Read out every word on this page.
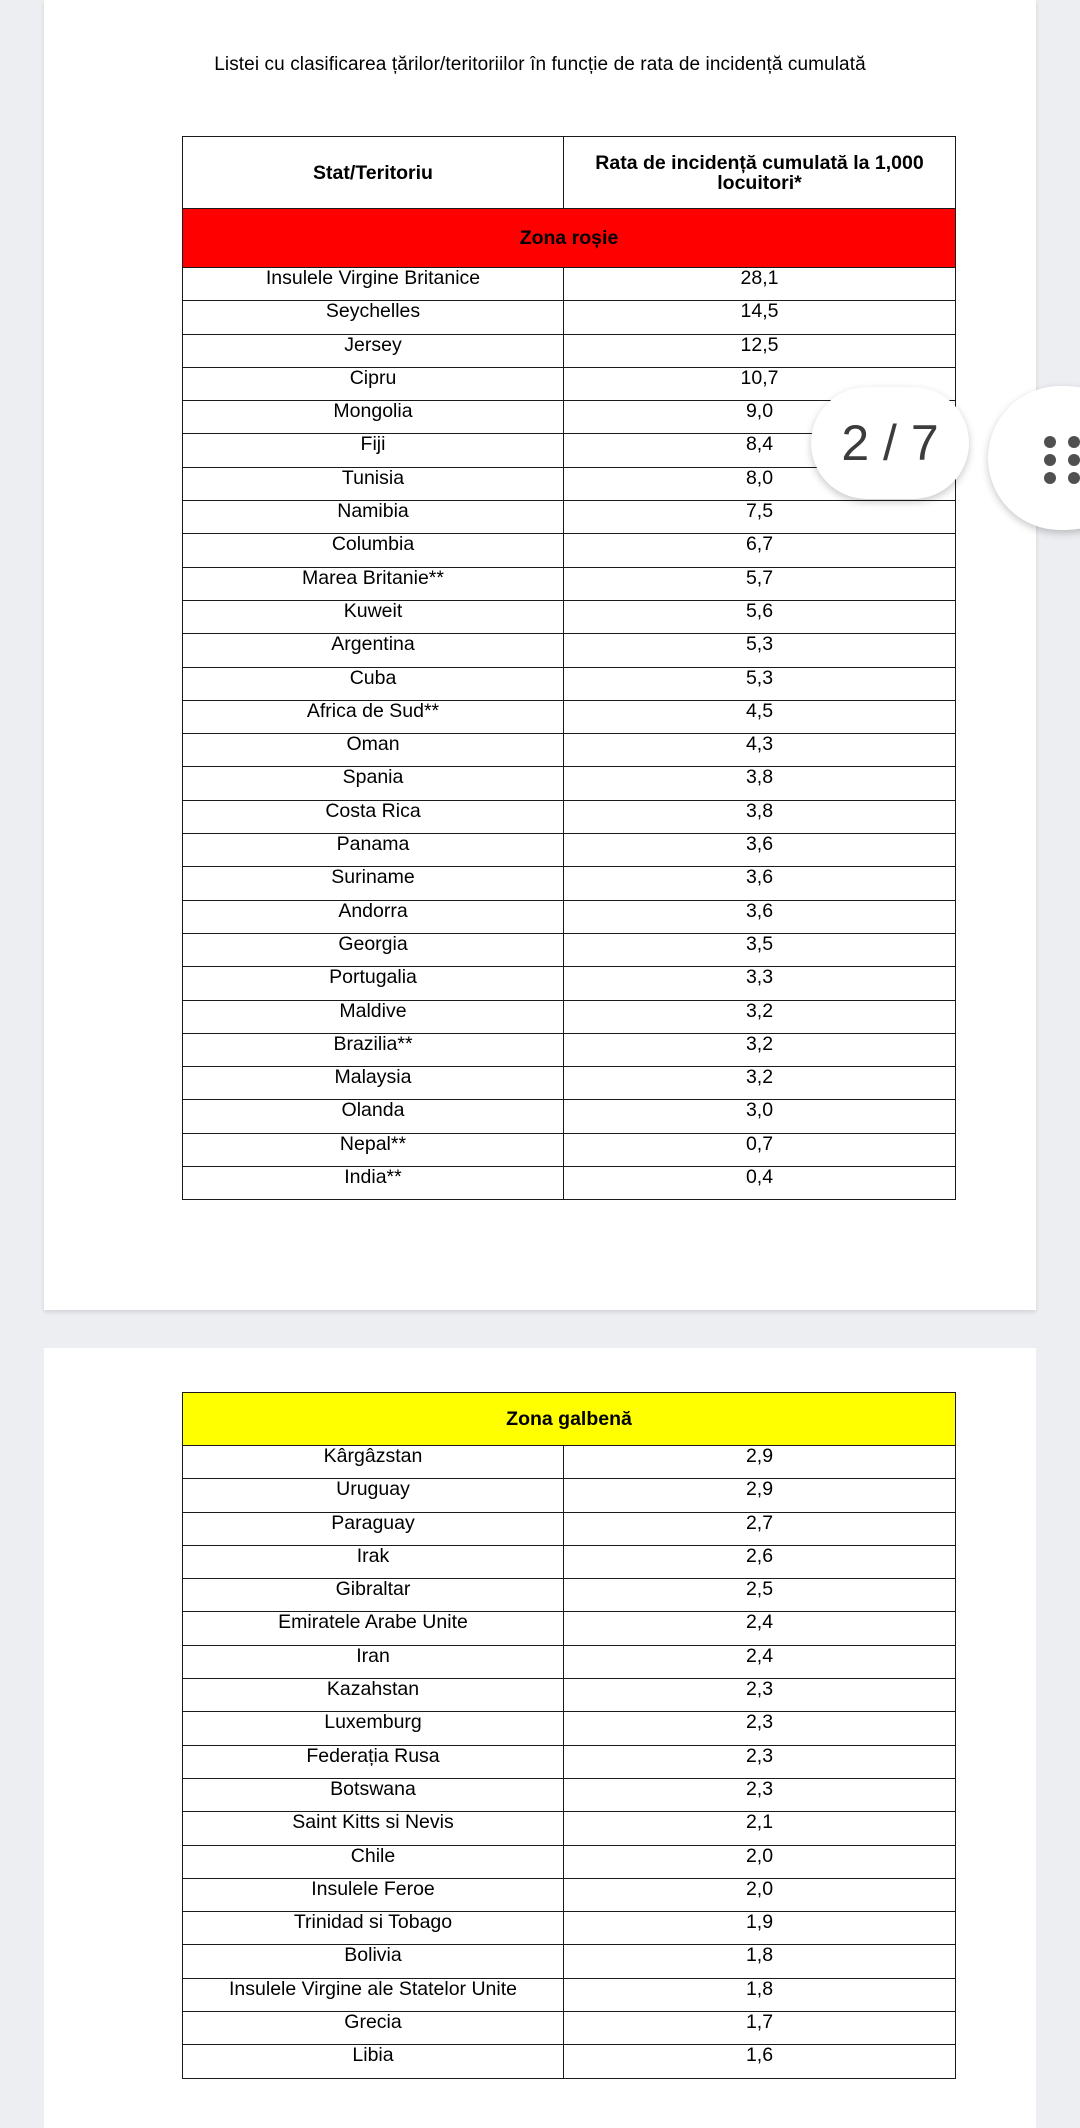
Listei cu clasificarea țărilor/teritoriilor în funcție de rata de incidență cumulată
Stat/Teritoriu	Rata de incidență cumulată la 1,000 locuitori*
Zona roșie	
Insulele Virgine Britanice	28,1
Seychelles	14,5
Jersey	12,5
Cipru	10,7
Mongolia	9,0
Fiji	8,4
Tunisia	8,0
Namibia	7,5
Columbia	6,7
Marea Britanie**	5,7
Kuweit	5,6
Argentina	5,3
Cuba	5,3
Africa de Sud**	4,5
Oman	4,3
Spania	3,8
Costa Rica	3,8
Panama	3,6
Suriname	3,6
Andorra	3,6
Georgia	3,5
Portugalia	3,3
Maldive	3,2
Brazilia**	3,2
Malaysia	3,2
Olanda	3,0
Nepal**	0,7
India**	0,4
Zona galbenă	
Kârgâzstan	2,9
Uruguay	2,9
Paraguay	2,7
Irak	2,6
Gibraltar	2,5
Emiratele Arabe Unite	2,4
Iran	2,4
Kazahstan	2,3
Luxemburg	2,3
Federația Rusa	2,3
Botswana	2,3
Saint Kitts si Nevis	2,1
Chile	2,0
Insulele Feroe	2,0
Trinidad si Tobago	1,9
Bolivia	1,8
Insulele Virgine ale Statelor Unite	1,8
Grecia	1,7
Libia	1,6
2 / 7
